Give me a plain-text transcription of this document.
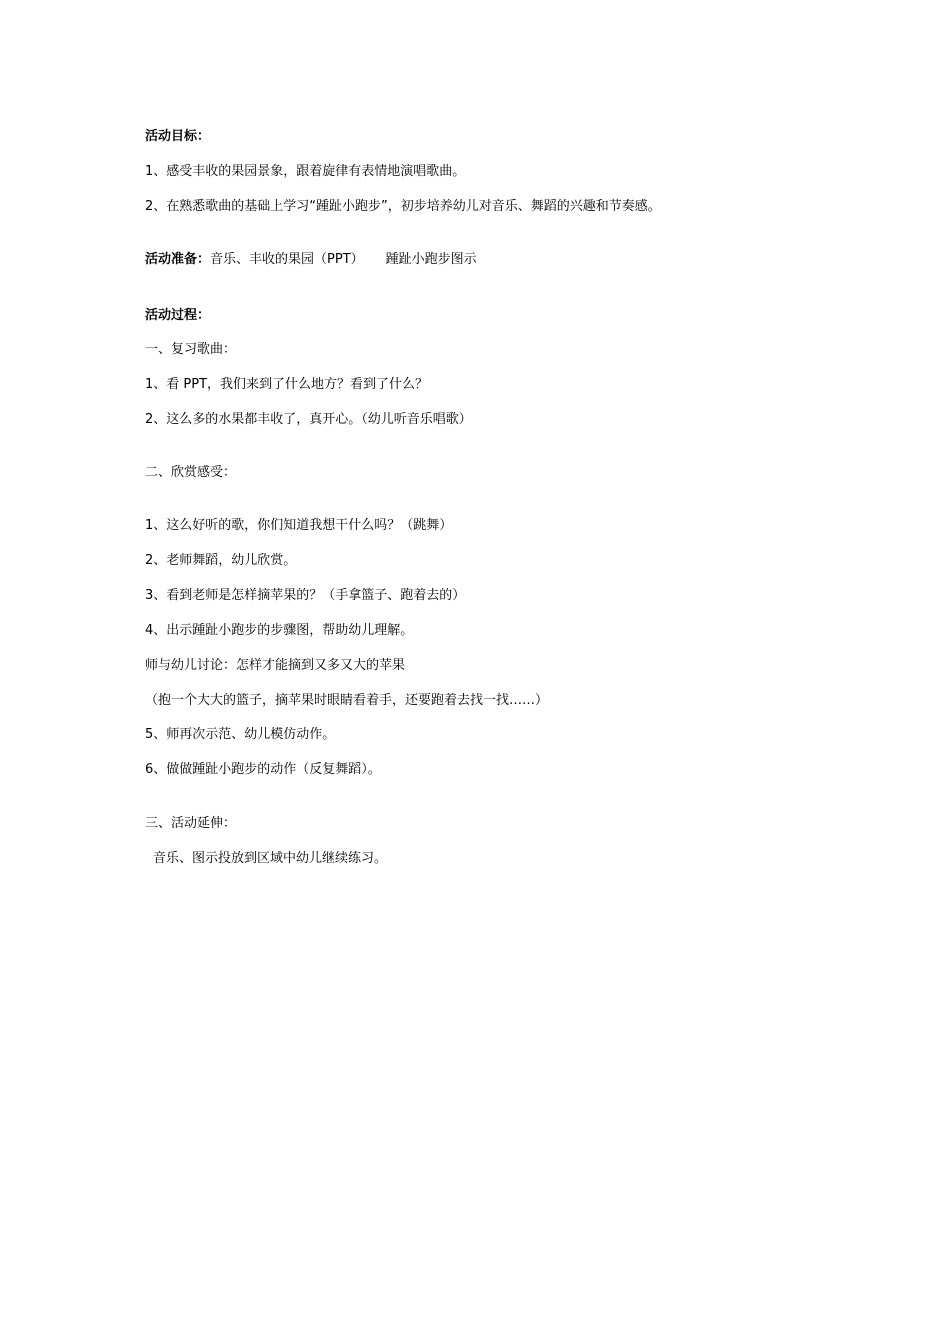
活动目标：
1、感受丰收的果园景象，跟着旋律有表情地演唱歌曲。
2、在熟悉歌曲的基础上学习“踵趾小跑步”，初步培养幼儿对音乐、舞蹈的兴趣和节奏感。
活动准备：音乐、丰收的果园（PPT） 踵趾小跑步图示
活动过程：
一、复习歌曲：
1、看 PPT，我们来到了什么地方？看到了什么？
2、这么多的水果都丰收了，真开心。（幼儿听音乐唱歌）
二、欣赏感受：
1、这么好听的歌，你们知道我想干什么吗？（跳舞）
2、老师舞蹈，幼儿欣赏。
3、看到老师是怎样摘苹果的？（手拿篮子、跑着去的）
4、出示踵趾小跑步的步骤图，帮助幼儿理解。
师与幼儿讨论：怎样才能摘到又多又大的苹果
（抱一个大大的篮子，摘苹果时眼睛看着手，还要跑着去找一找……）
5、师再次示范、幼儿模仿动作。
6、做做踵趾小跑步的动作（反复舞蹈）。
三、活动延伸：
音乐、图示投放到区域中幼儿继续练习。
